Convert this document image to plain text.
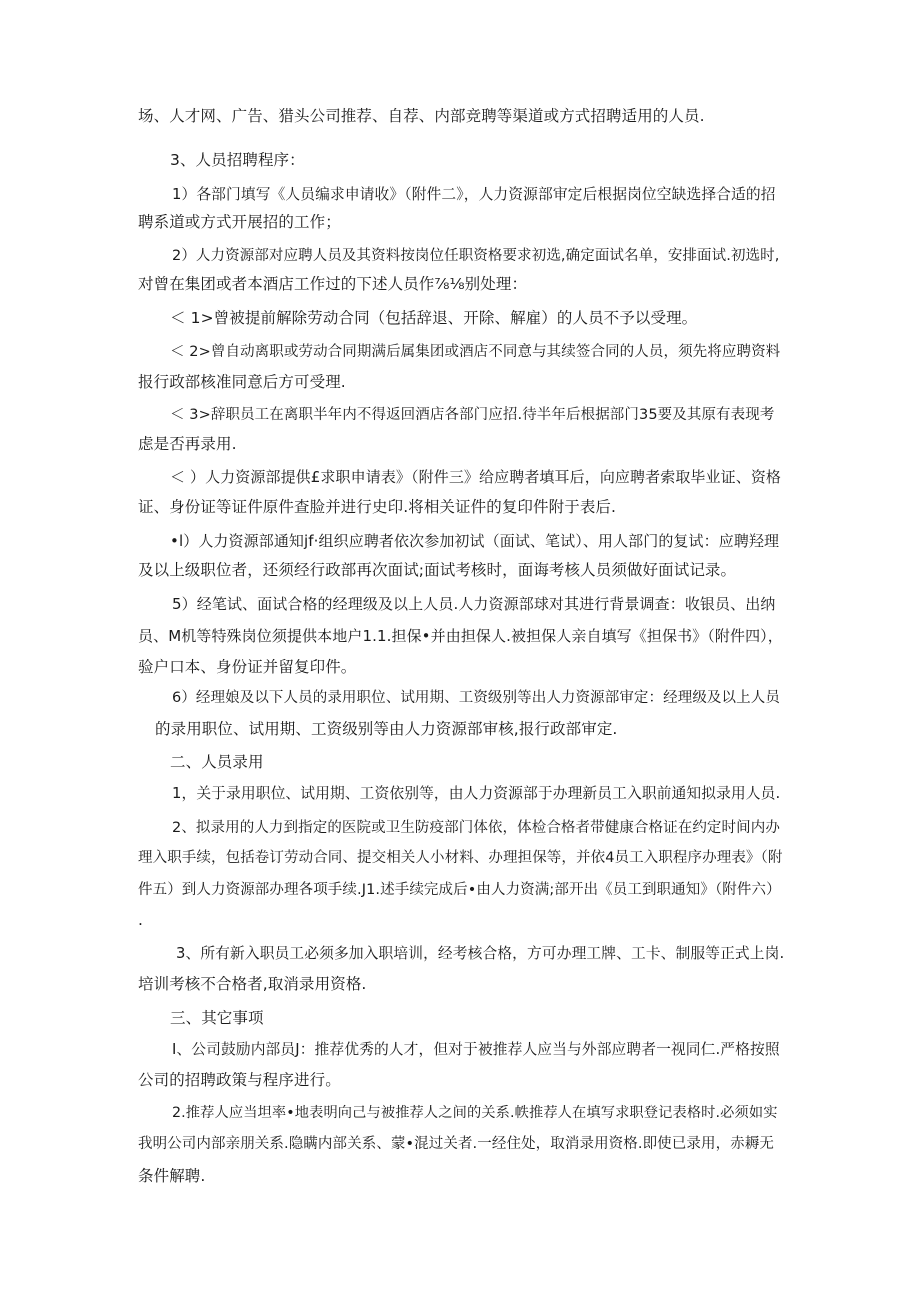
场、人才网、广告、猎头公司推荐、自荐、内部竞聘等渠道或方式招聘适用的人员.

3、人员招聘程序：

1）各部门填写《人员编求申请收》（附件二》，人力资源部审定后根据岗位空缺选择合适的招

聘系道或方式开展招的工作；

2）人力资源部对应聘人员及其资料按岗位任职资格要求初选,确定面试名单，安排面试.初选时,

对曾在集团或者本酒店工作过的下述人员作⅞⅛别处理：

＜ 1>曾被提前解除劳动合同（包括辞退、开除、解雇）的人员不予以受理。

＜ 2>曾自动离职或劳动合同期满后属集团或酒店不同意与其续签合同的人员，须先将应聘资料

报行政部核准同意后方可受理.

＜ 3>辞职员工在离职半年内不得返回酒店各部门应招.待半年后根据部门35要及其原有表现考

虑是否再录用.

＜ ）人力资源部提供£求职申请表》（附件三》给应聘者填耳后，向应聘者索取毕业证、资格

证、身份证等证件原件查脸并进行史印.将相关证件的复印件附于表后.

•l）人力资源部通知jf·组织应聘者依次参加初试（面试、笔试）、用人部门的复试：应聘羟理

及以上级职位者，还须经行政部再次面试;面试考核时，面诲考核人员须做好面试记录。

5）经笔试、面试合格的经理级及以上人员.人力资源部球对其进行背景调查：收银员、出纳

员、M机等特殊岗位须提供本地户1.1.担保•并由担保人.被担保人亲自填写《担保书》（附件四），

验户口本、身份证并留复印件。

6）经理娘及以下人员的录用职位、试用期、工资级别等出人力资源部审定：经理级及以上人员

的录用职位、试用期、工资级别等由人力资源部审核,报行政部审定.

二、人员录用

1，关于录用职位、试用期、工资依别等，由人力资源部于办理新员工入职前通知拟录用人员.

2、拟录用的人力到指定的医院或卫生防疫部门体依，体检合格者带健康合格证在约定时间内办

理入职手续，包括卷订劳动合同、提交相关人小材料、办理担保等，并依4员工入职程序办理表》（附

件五）到人力资源部办理各项手续.J1.述手续完成后•由人力资满;部开出《员工到职通知》（附件六）

.

3、所有新入职员工必须多加入职培训，经考核合格，方可办理工牌、工卡、制服等正式上岗.

培训考核不合格者,取消录用资格.

三、其它事项

I、公司鼓励内部员J：推荐优秀的人才，但对于被推荐人应当与外部应聘者一视同仁.严格按照

公司的招聘政策与程序进行。

2.推荐人应当坦率•地表明向己与被推荐人之间的关系.帙推荐人在填写求职登记表格时.必须如实

我明公司内部亲朋关系.隐瞒内部关系、蒙•混过关者.一经住处，取消录用资格.即使已录用，赤耨无

条件解聘.
